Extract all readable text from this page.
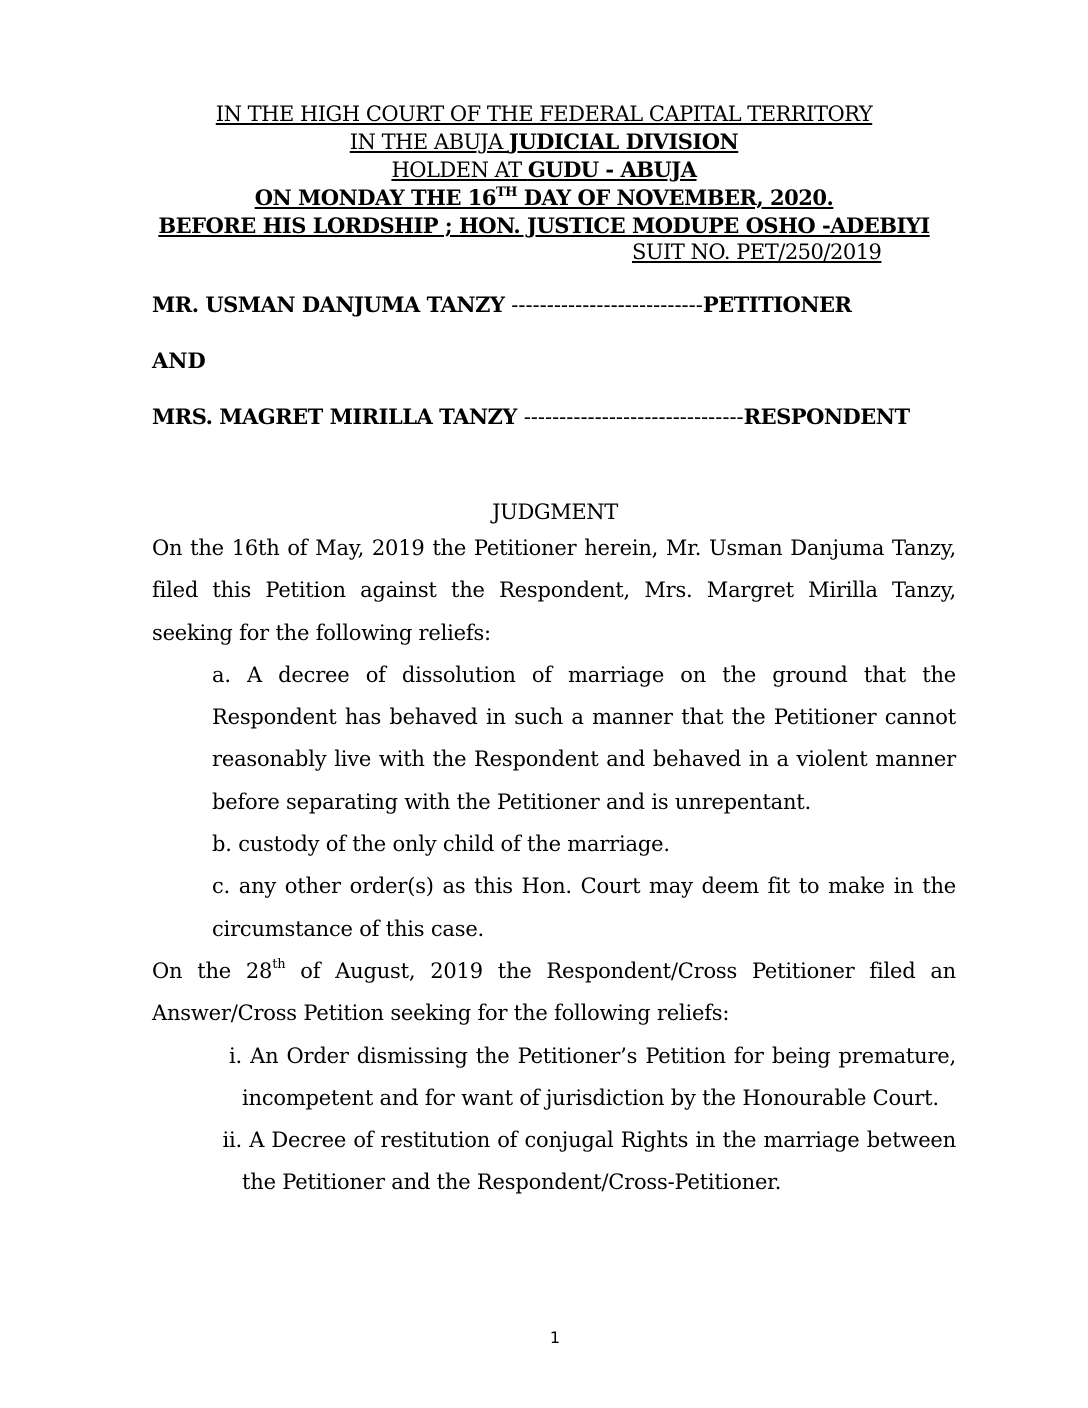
IN THE HIGH COURT OF THE FEDERAL CAPITAL TERRITORY
IN THE ABUJA JUDICIAL DIVISION
HOLDEN AT GUDU - ABUJA
ON MONDAY THE 16TH DAY OF NOVEMBER, 2020.
BEFORE HIS LORDSHIP ; HON. JUSTICE MODUPE OSHO -ADEBIYI
SUIT NO. PET/250/2019
MR. USMAN DANJUMA TANZY ---------------------------PETITIONER
AND
MRS. MAGRET MIRILLA TANZY -------------------------------RESPONDENT
JUDGMENT

On the 16th of May, 2019 the Petitioner herein, Mr. Usman Danjuma Tanzy, filed this Petition against the Respondent, Mrs. Margret Mirilla Tanzy, seeking for the following reliefs:

a. A decree of dissolution of marriage on the ground that the Respondent has behaved in such a manner that the Petitioner cannot reasonably live with the Respondent and behaved in a violent manner before separating with the Petitioner and is unrepentant.

b. custody of the only child of the marriage.

c. any other order(s) as this Hon. Court may deem fit to make in the circumstance of this case.

On the 28th of August, 2019 the Respondent/Cross Petitioner filed an Answer/Cross Petition seeking for the following reliefs:

i. An Order dismissing the Petitioner’s Petition for being premature, incompetent and for want of jurisdiction by the Honourable Court.

ii. A Decree of restitution of conjugal Rights in the marriage between the Petitioner and the Respondent/Cross-Petitioner.

1
